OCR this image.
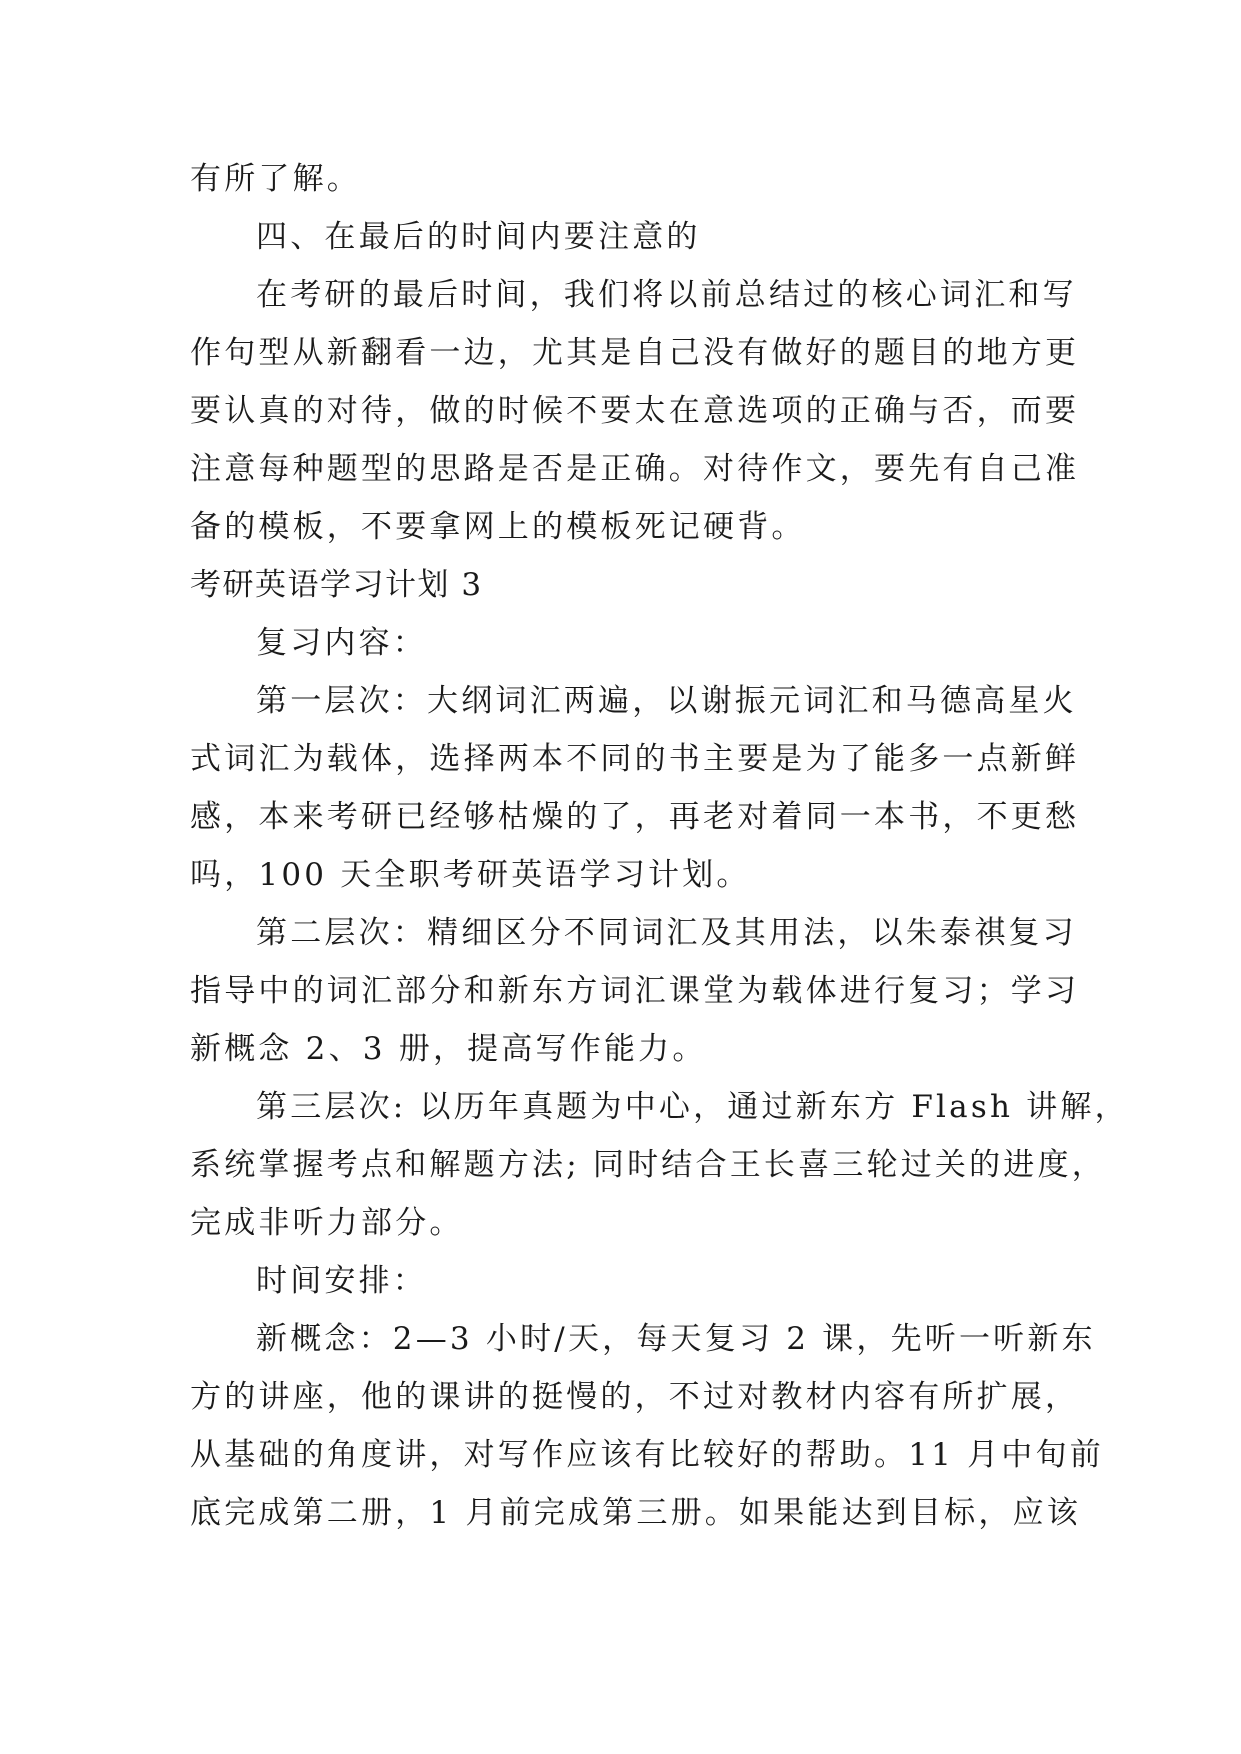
有所了解。
四、在最后的时间内要注意的
在考研的最后时间，我们将以前总结过的核心词汇和写
作句型从新翻看一边，尤其是自己没有做好的题目的地方更
要认真的对待，做的时候不要太在意选项的正确与否，而要
注意每种题型的思路是否是正确。对待作文，要先有自己准
备的模板，不要拿网上的模板死记硬背。
考研英语学习计划 3
复习内容：
第一层次：大纲词汇两遍，以谢振元词汇和马德高星火
式词汇为载体，选择两本不同的书主要是为了能多一点新鲜
感，本来考研已经够枯燥的了，再老对着同一本书，不更愁
吗，100 天全职考研英语学习计划。
第二层次：精细区分不同词汇及其用法，以朱泰祺复习
指导中的词汇部分和新东方词汇课堂为载体进行复习；学习
新概念 2、3 册，提高写作能力。
第三层次: 以历年真题为中心，通过新东方 Flash 讲解，
系统掌握考点和解题方法; 同时结合王长喜三轮过关的进度，
完成非听力部分。
时间安排：
新概念：2—3 小时/天，每天复习 2 课，先听一听新东
方的讲座，他的课讲的挺慢的，不过对教材内容有所扩展，
从基础的角度讲，对写作应该有比较好的帮助。11 月中旬前
底完成第二册，1 月前完成第三册。如果能达到目标，应该
